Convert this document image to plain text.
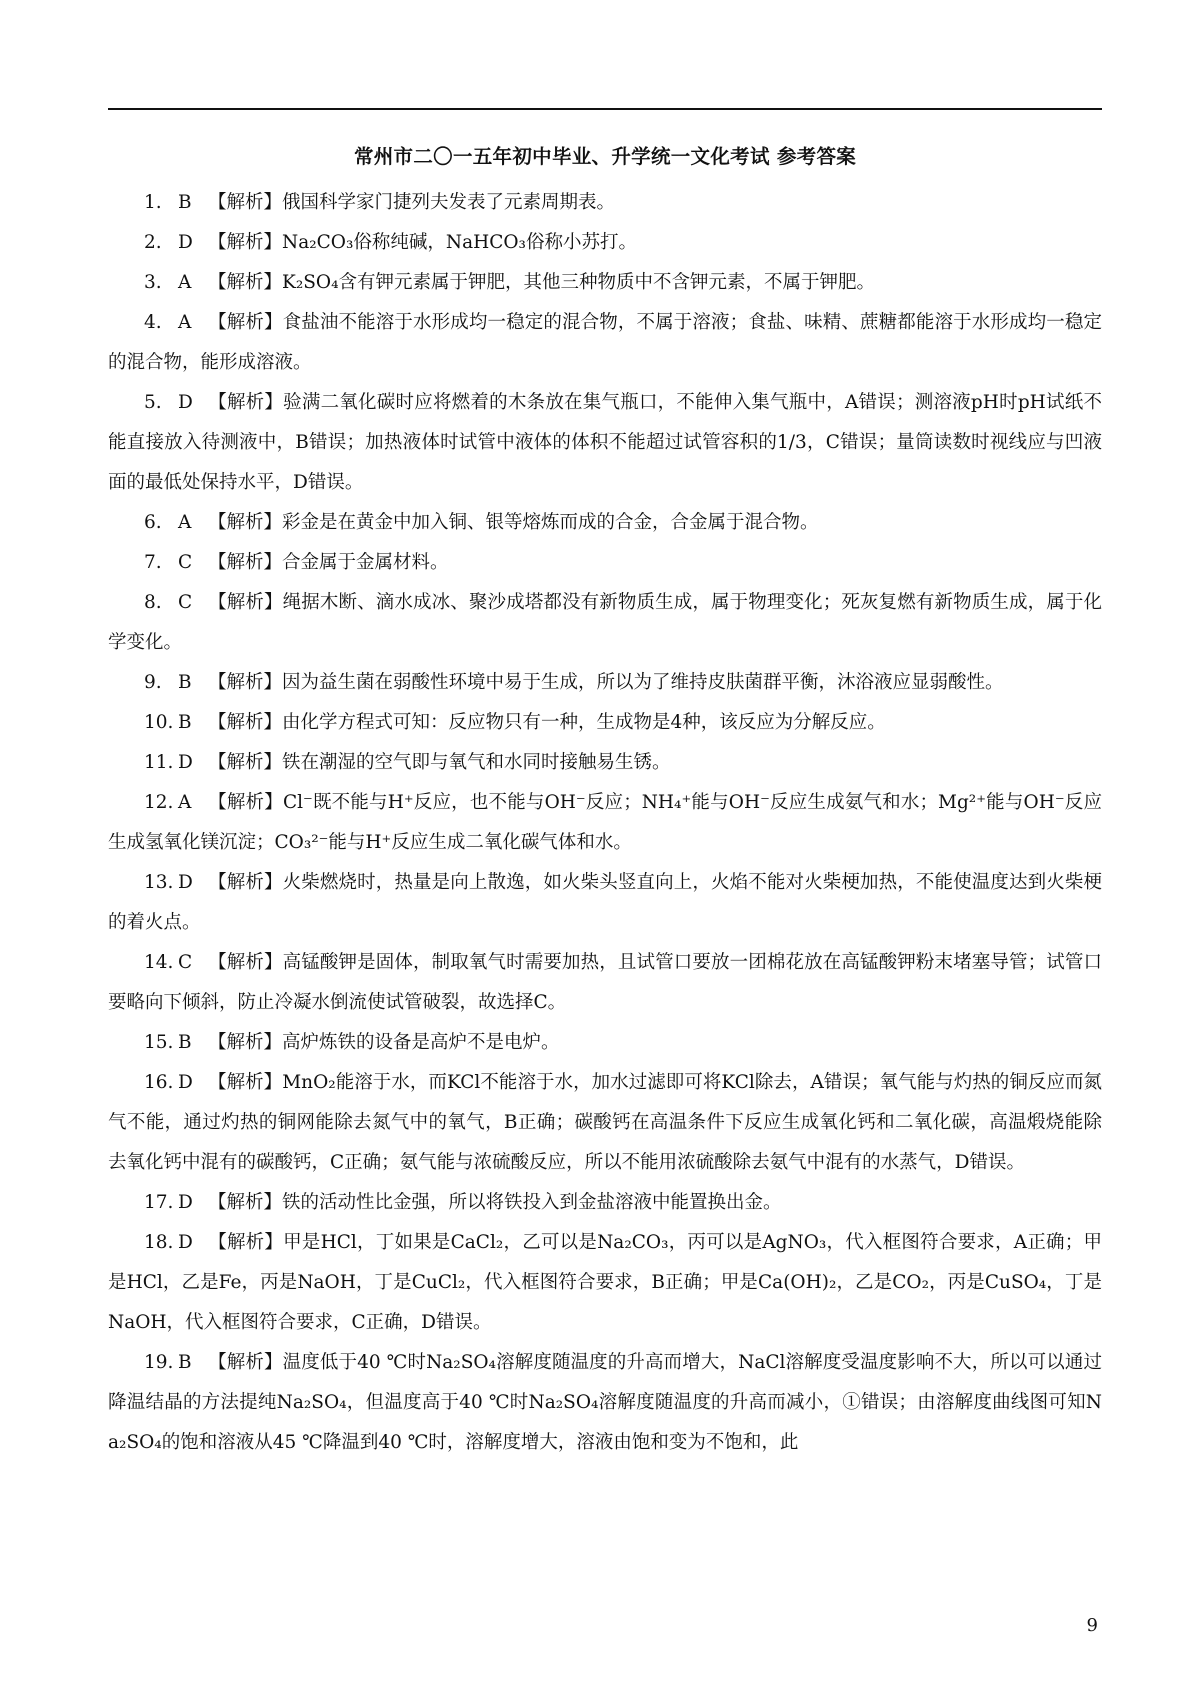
常州市二〇一五年初中毕业、升学统一文化考试 参考答案
1. B 【解析】俄国科学家门捷列夫发表了元素周期表。
2. D 【解析】Na₂CO₃俗称纯碱，NaHCO₃俗称小苏打。
3. A 【解析】K₂SO₄含有钾元素属于钾肥，其他三种物质中不含钾元素，不属于钾肥。
4. A 【解析】食盐油不能溶于水形成均一稳定的混合物，不属于溶液；食盐、味精、蔗糖都能溶于水形成均一稳定的混合物，能形成溶液。
5. D 【解析】验满二氧化碳时应将燃着的木条放在集气瓶口，不能伸入集气瓶中，A错误；测溶液pH时pH试纸不能直接放入待测液中，B错误；加热液体时试管中液体的体积不能超过试管容积的1/3，C错误；量筒读数时视线应与凹液面的最低处保持水平，D错误。
6. A 【解析】彩金是在黄金中加入铜、银等熔炼而成的合金，合金属于混合物。
7. C 【解析】合金属于金属材料。
8. C 【解析】绳据木断、滴水成冰、聚沙成塔都没有新物质生成，属于物理变化；死灰复燃有新物质生成，属于化学变化。
9. B 【解析】因为益生菌在弱酸性环境中易于生成，所以为了维持皮肤菌群平衡，沐浴液应显弱酸性。
10. B 【解析】由化学方程式可知：反应物只有一种，生成物是4种，该反应为分解反应。
11. D 【解析】铁在潮湿的空气即与氧气和水同时接触易生锈。
12. A 【解析】Cl⁻既不能与H⁺反应，也不能与OH⁻反应；NH₄⁺能与OH⁻反应生成氨气和水；Mg²⁺能与OH⁻反应生成氢氧化镁沉淀；CO₃²⁻能与H⁺反应生成二氧化碳气体和水。
13. D 【解析】火柴燃烧时，热量是向上散逸，如火柴头竖直向上，火焰不能对火柴梗加热，不能使温度达到火柴梗的着火点。
14. C 【解析】高锰酸钾是固体，制取氧气时需要加热，且试管口要放一团棉花放在高锰酸钾粉末堵塞导管；试管口要略向下倾斜，防止冷凝水倒流使试管破裂，故选择C。
15. B 【解析】高炉炼铁的设备是高炉不是电炉。
16. D 【解析】MnO₂能溶于水，而KCl不能溶于水，加水过滤即可将KCl除去，A错误；氧气能与灼热的铜反应而氮气不能，通过灼热的铜网能除去氮气中的氧气，B正确；碳酸钙在高温条件下反应生成氧化钙和二氧化碳，高温煅烧能除去氧化钙中混有的碳酸钙，C正确；氨气能与浓硫酸反应，所以不能用浓硫酸除去氨气中混有的水蒸气，D错误。
17. D 【解析】铁的活动性比金强，所以将铁投入到金盐溶液中能置换出金。
18. D 【解析】甲是HCl，丁如果是CaCl₂，乙可以是Na₂CO₃，丙可以是AgNO₃，代入框图符合要求，A正确；甲是HCl，乙是Fe，丙是NaOH，丁是CuCl₂，代入框图符合要求，B正确；甲是Ca(OH)₂，乙是CO₂，丙是CuSO₄，丁是NaOH，代入框图符合要求，C正确，D错误。
19. B 【解析】温度低于40 ℃时Na₂SO₄溶解度随温度的升高而增大，NaCl溶解度受温度影响不大，所以可以通过降温结晶的方法提纯Na₂SO₄，但温度高于40 ℃时Na₂SO₄溶解度随温度的升高而减小，①错误；由溶解度曲线图可知Na₂SO₄的饱和溶液从45 ℃降温到40 ℃时，溶解度增大，溶液由饱和变为不饱和，此
9
